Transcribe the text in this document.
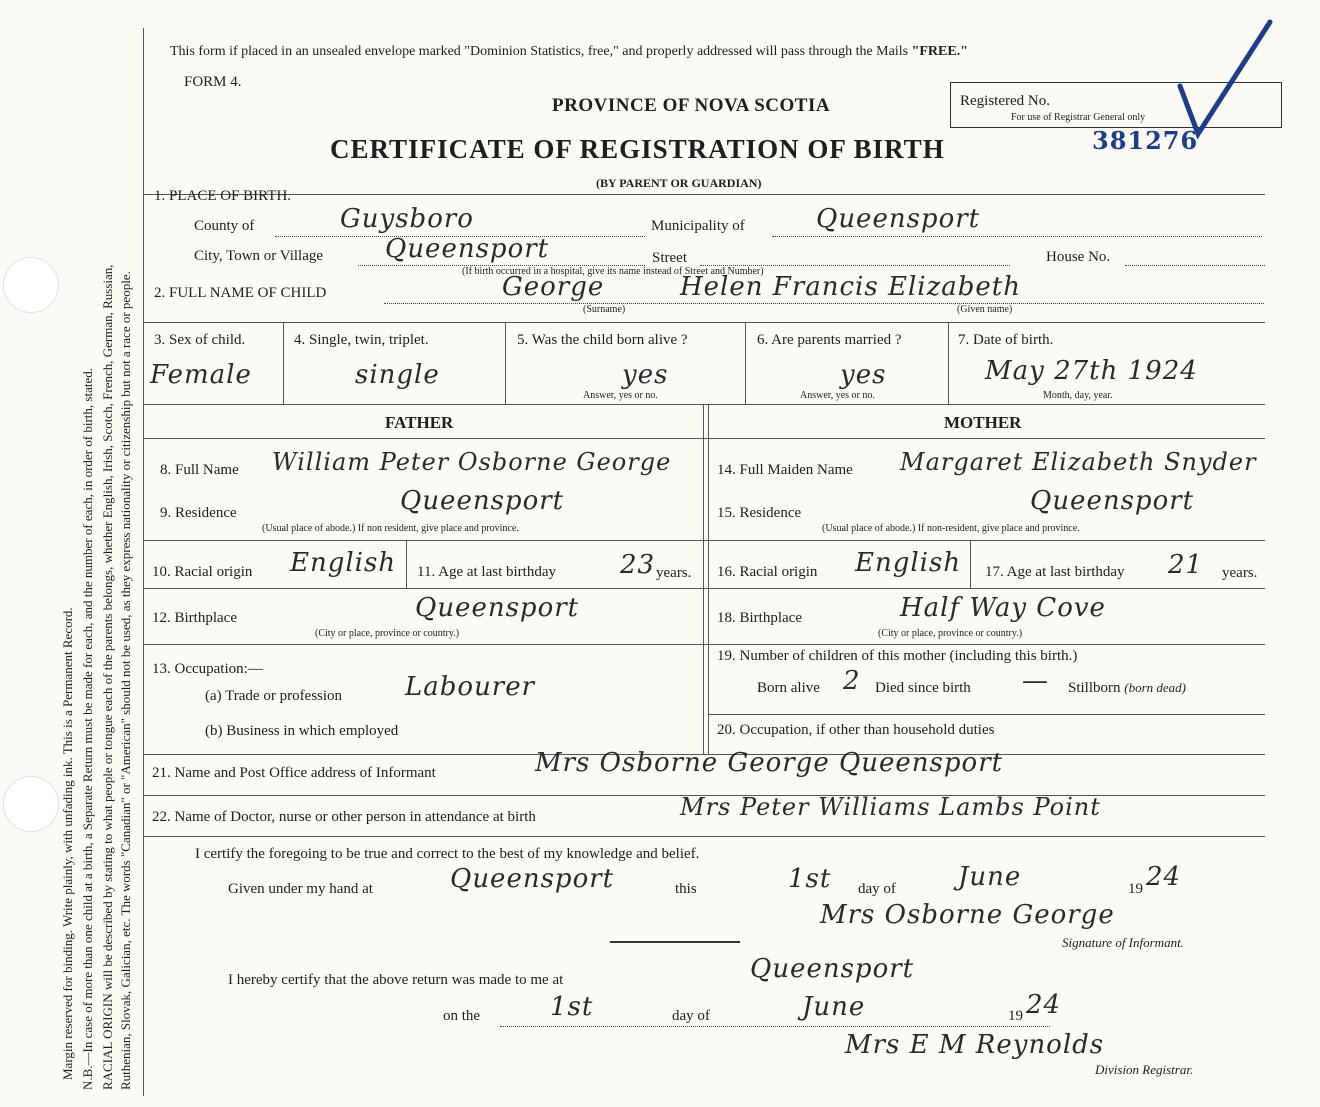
Margin reserved for binding. Write plainly, with unfading ink. This is a Permanent Record. N.B.—In case of more than one child at a birth, a Separate Return must be made for each, and the number of each, in order of birth, stated. RACIAL ORIGIN will be described by stating to what people or tongue each of the parents belongs, whether English, Irish, Scotch, French, German, Russian, Ruthenian, Slovak, Galician, etc. The words "Canadian" or "American" should not be used, as they express nationality or citizenship but not a race or people.
This form if placed in an unsealed envelope marked "Dominion Statistics, free," and properly addressed will pass through the Mails "FREE."
FORM 4.
PROVINCE OF NOVA SCOTIA	Registered No.
For use of Registrar General only
CERTIFICATE OF REGISTRATION OF BIRTH	381276
(BY PARENT OR GUARDIAN)
1. PLACE OF BIRTH.
County of	Guysboro	Municipality of	Queensport
City, Town or Village Queensport	Street	House No.
(If birth occurred in a hospital, give its name instead of Street and Number)
2. FULL NAME OF CHILD	George	Helen Francis Elizabeth
(Surname)	(Given name)
3. Sex of child.
Female
4. Single, twin, triplet.
single
5. Was the child born alive ?
yes
Answer, yes or no.
6. Are parents married ?
yes
Answer, yes or no.
7. Date of birth.
May 27th 1924
Month, day, year.
FATHER	MOTHER
8. Full Name William Peter Osborne George	14. Full Maiden Name Margaret Elizabeth Snyder
9. Residence	Queensport
(Usual place of abode.) If non resident, give place and province.
15. Residence	Queensport
(Usual place of abode.) If non-resident, give place and province.
10. Racial origin English 11. Age at last birthday 23 years. 16. Racial origin English 17. Age at last birthday 21 years.
12. Birthplace	Queensport
(City or place, province or country.)
18. Birthplace	Half Way Cove
(City or place, province or country.)
13. Occupation:—
(a) Trade or profession Labourer
(b) Business in which employed
19. Number of children of this mother (including this birth.)
Born alive 2 Died since birth — Stillborn (born dead)
20. Occupation, if other than household duties
21. Name and Post Office address of Informant	Mrs Osborne George Queensport
22. Name of Doctor, nurse or other person in attendance at birth	Mrs Peter Williams Lambs Point
I certify the foregoing to be true and correct to the best of my knowledge and belief.
Given under my hand at	Queensport	this	1st day of June	19 24
Mrs Osborne George
Signature of Informant.
I hereby certify that the above return was made to me at	Queensport
on the	1st	day of	June	19 24
Mrs E M Reynolds
Division Registrar.
